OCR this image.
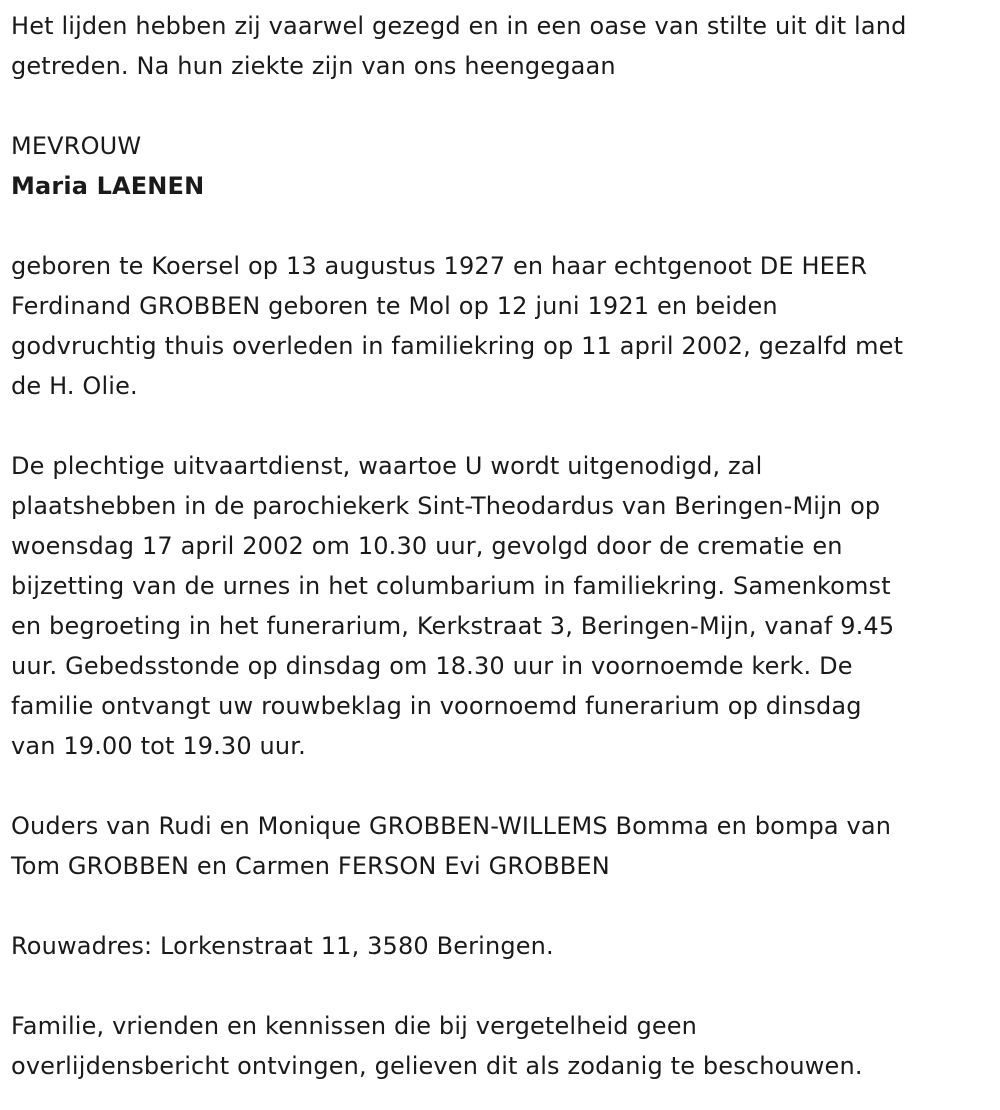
Het lijden hebben zij vaarwel gezegd en in een oase van stilte uit dit land
getreden. Na hun ziekte zijn van ons heengegaan

MEVROUW

Maria LAENEN

geboren te Koersel op 13 augustus 1927 en haar echtgenoot DE HEER
Ferdinand GROBBEN geboren te Mol op 12 juni 1921 en beiden
godvruchtig thuis overleden in familiekring op 11 april 2002, gezalfd met
de H. Olie.

De plechtige uitvaartdienst, waartoe U wordt uitgenodigd, zal
plaatshebben in de parochiekerk Sint-Theodardus van Beringen-Mijn op
woensdag 17 april 2002 om 10.30 uur, gevolgd door de crematie en
bijzetting van de urnes in het columbarium in familiekring. Samenkomst
en begroeting in het funerarium, Kerkstraat 3, Beringen-Mijn, vanaf 9.45
uur. Gebedsstonde op dinsdag om 18.30 uur in voornoemde kerk. De
familie ontvangt uw rouwbeklag in voornoemd funerarium op dinsdag
van 19.00 tot 19.30 uur.

Ouders van Rudi en Monique GROBBEN-WILLEMS Bomma en bompa van
Tom GROBBEN en Carmen FERSON Evi GROBBEN

Rouwadres: Lorkenstraat 11, 3580 Beringen.

Familie, vrienden en kennissen die bij vergetelheid geen
overlijdensbericht ontvingen, gelieven dit als zodanig te beschouwen.
